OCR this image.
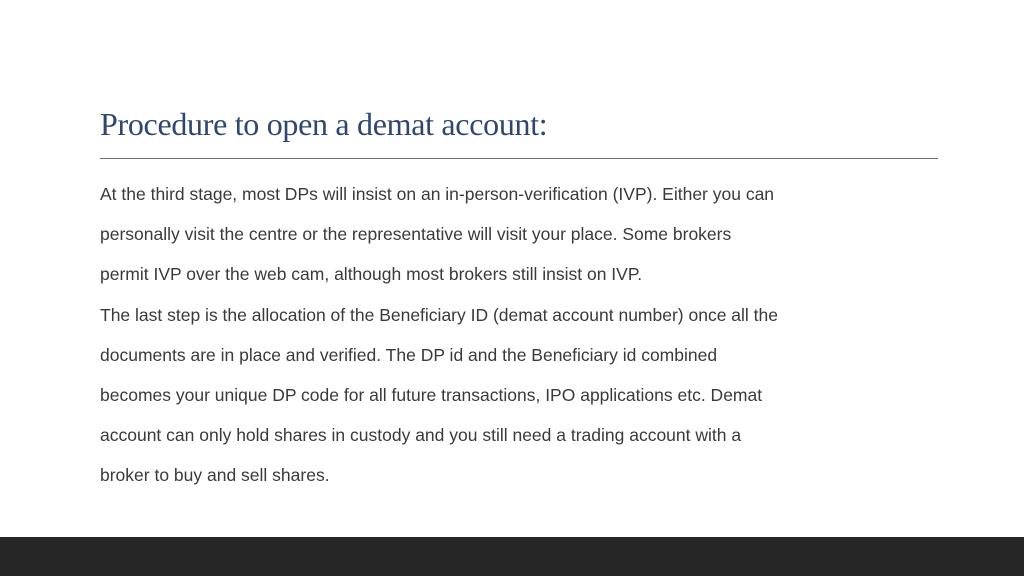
Procedure to open a demat account:
At the third stage, most DPs will insist on an in-person-verification (IVP). Either you can
personally visit the centre or the representative will visit your place. Some brokers
permit IVP over the web cam, although most brokers still insist on IVP.
The last step is the allocation of the Beneficiary ID (demat account number) once all the
documents are in place and verified. The DP id and the Beneficiary id combined
becomes your unique DP code for all future transactions, IPO applications etc. Demat
account can only hold shares in custody and you still need a trading account with a
broker to buy and sell shares.
